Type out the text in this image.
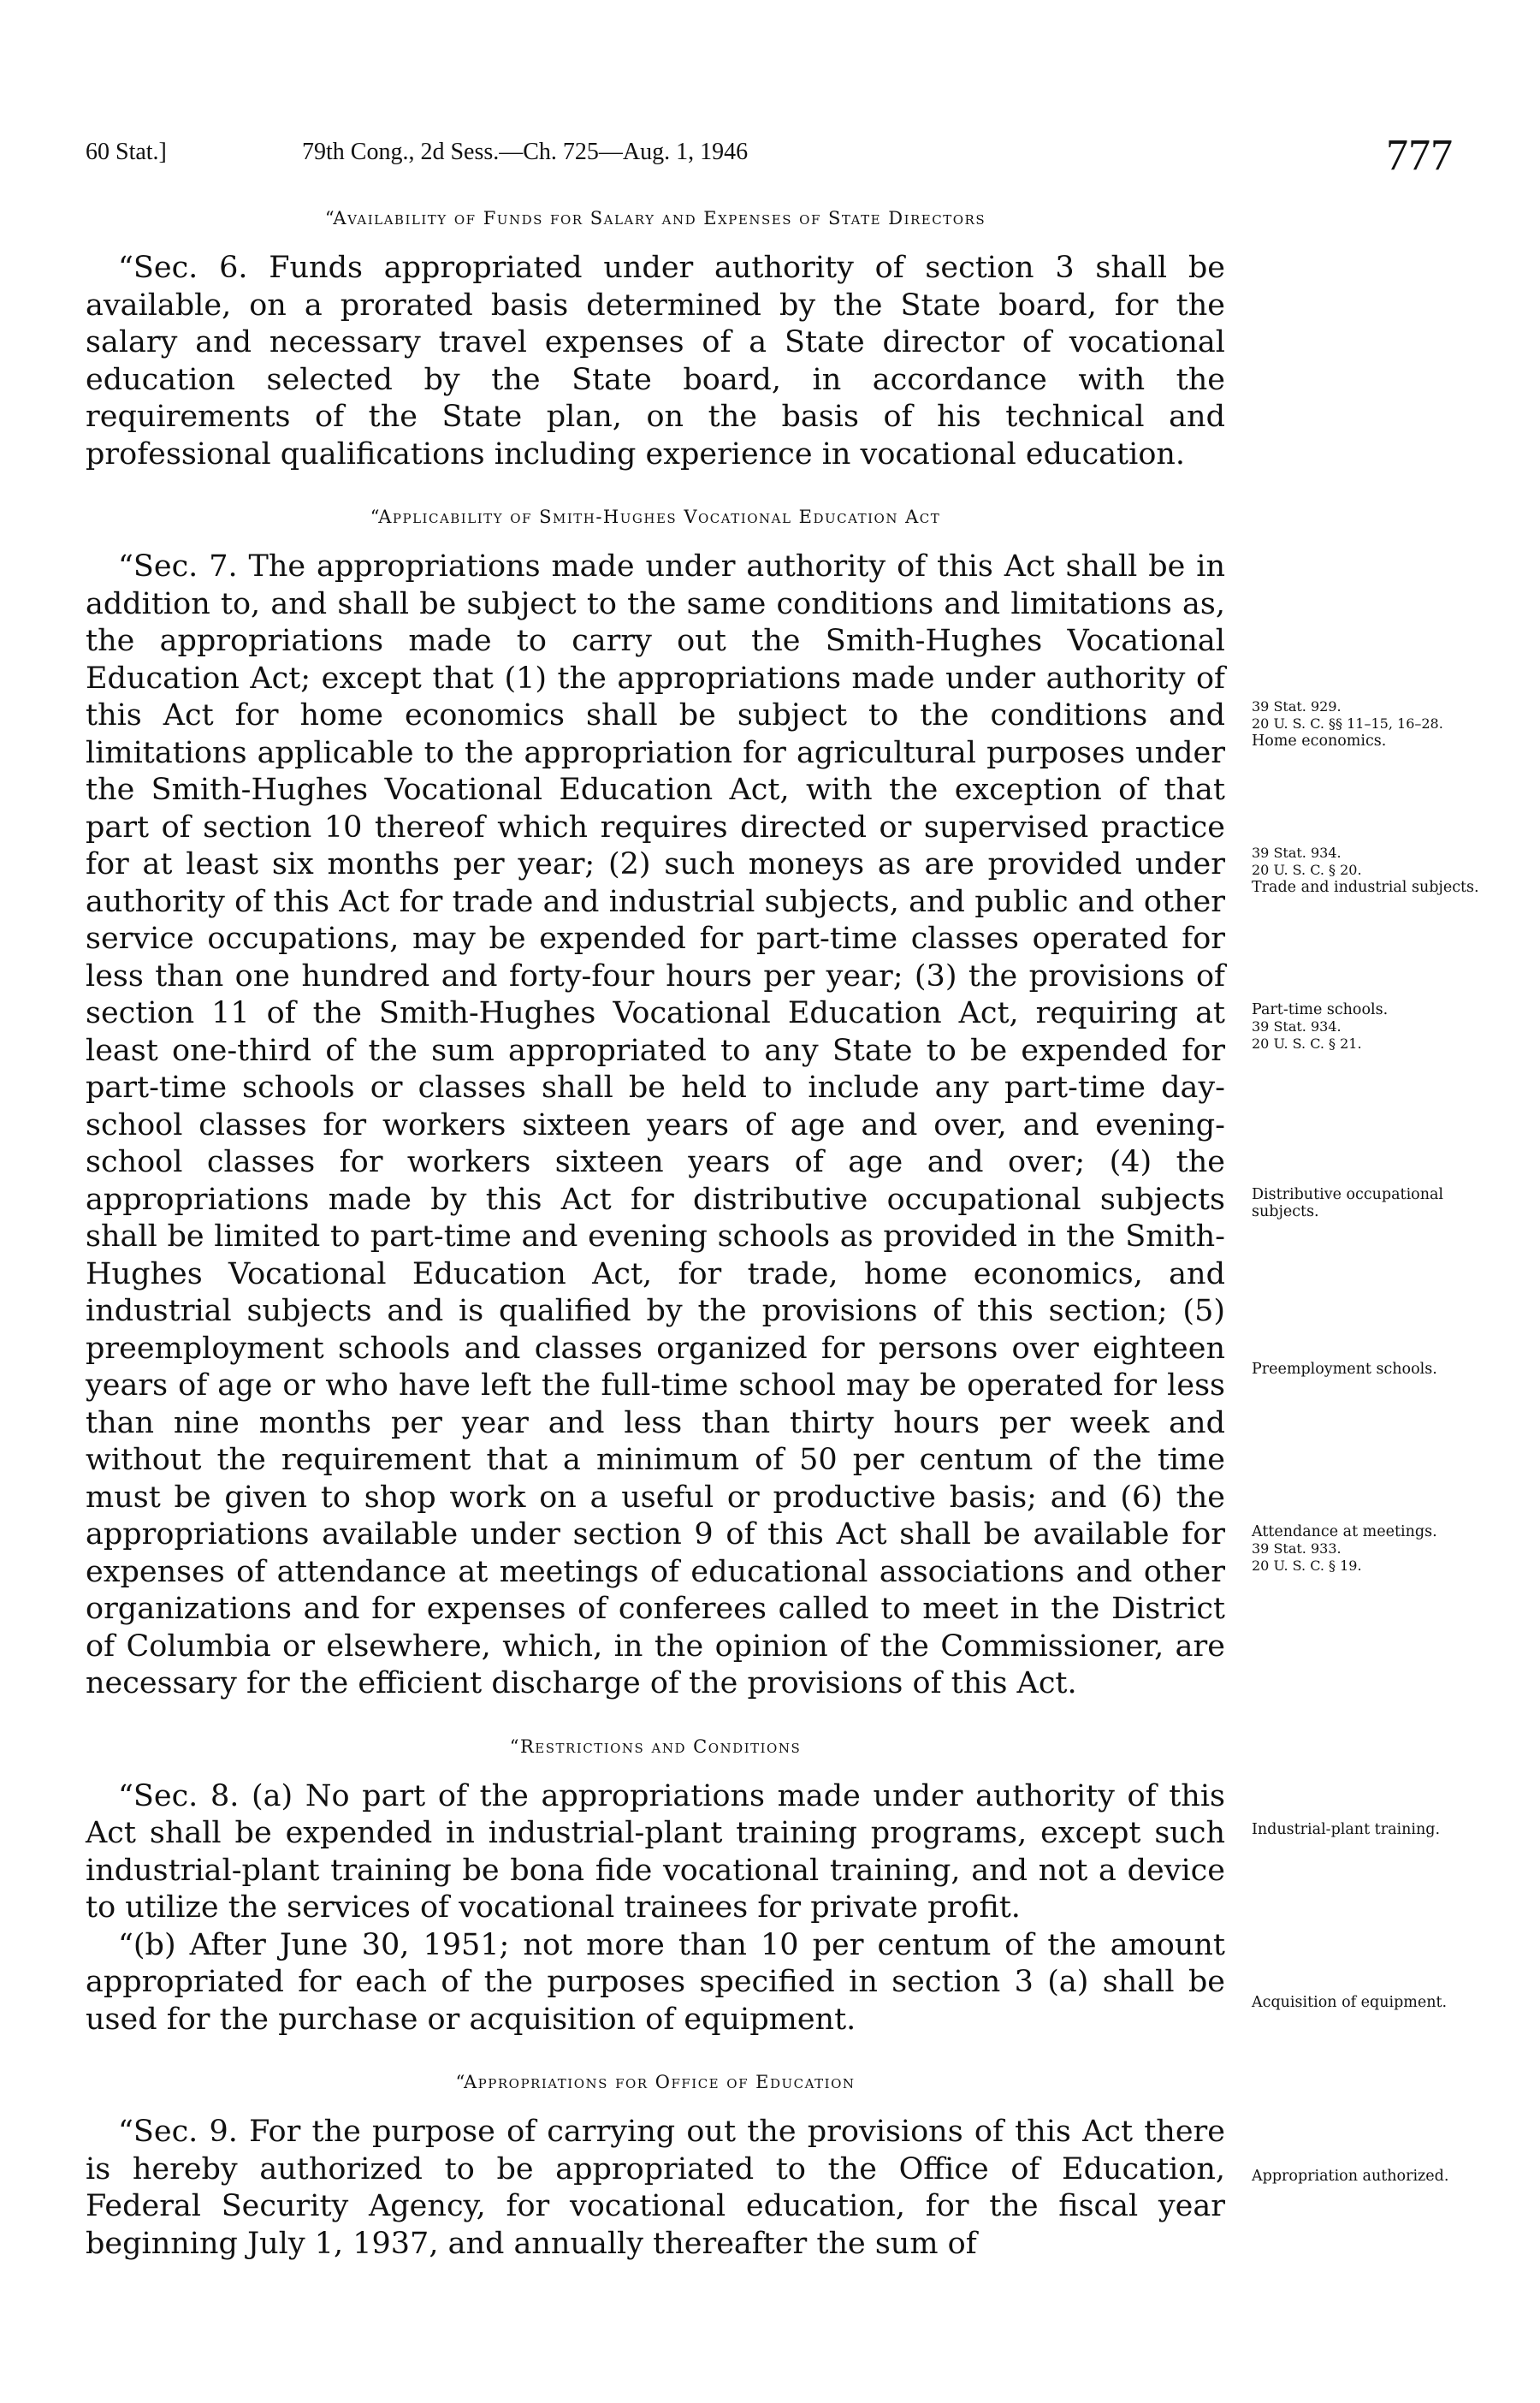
60 Stat.]	79th Cong., 2d Sess.—Ch. 725—Aug. 1, 1946	777

“Availability of Funds for Salary and Expenses of State Directors

“Sec. 6. Funds appropriated under authority of section 3 shall be available, on a prorated basis determined by the State board, for the salary and necessary travel expenses of a State director of vocational education selected by the State board, in accordance with the requirements of the State plan, on the basis of his technical and professional qualifications including experience in vocational education.

“Applicability of Smith-Hughes Vocational Education Act

“Sec. 7. The appropriations made under authority of this Act shall be in addition to, and shall be subject to the same conditions and limitations as, the appropriations made to carry out the Smith-Hughes Vocational Education Act; except that (1) the appropriations made under authority of this Act for home economics shall be subject to the conditions and limitations applicable to the appropriation for agricultural purposes under the Smith-Hughes Vocational Education Act, with the exception of that part of section 10 thereof which requires directed or supervised practice for at least six months per year; (2) such moneys as are provided under authority of this Act for trade and industrial subjects, and public and other service occupations, may be expended for part-time classes operated for less than one hundred and forty-four hours per year; (3) the provisions of section 11 of the Smith-Hughes Vocational Education Act, requiring at least one-third of the sum appropriated to any State to be expended for part-time schools or classes shall be held to include any part-time day-school classes for workers sixteen years of age and over, and evening-school classes for workers sixteen years of age and over; (4) the appropriations made by this Act for distributive occupational subjects shall be limited to part-time and evening schools as provided in the Smith-Hughes Vocational Education Act, for trade, home economics, and industrial subjects and is qualified by the provisions of this section; (5) preemployment schools and classes organized for persons over eighteen years of age or who have left the full-time school may be operated for less than nine months per year and less than thirty hours per week and without the requirement that a minimum of 50 per centum of the time must be given to shop work on a useful or productive basis; and (6) the appropriations available under section 9 of this Act shall be available for expenses of attendance at meetings of educational associations and other organizations and for expenses of conferees called to meet in the District of Columbia or elsewhere, which, in the opinion of the Commissioner, are necessary for the efficient discharge of the provisions of this Act.

“Restrictions and Conditions

“Sec. 8. (a) No part of the appropriations made under authority of this Act shall be expended in industrial-plant training programs, except such industrial-plant training be bona fide vocational training, and not a device to utilize the services of vocational trainees for private profit.

“(b) After June 30, 1951; not more than 10 per centum of the amount appropriated for each of the purposes specified in section 3 (a) shall be used for the purchase or acquisition of equipment.

“Appropriations for Office of Education

“Sec. 9. For the purpose of carrying out the provisions of this Act there is hereby authorized to be appropriated to the Office of Education, Federal Security Agency, for vocational education, for the fiscal year beginning July 1, 1937, and annually thereafter the sum of

39 Stat. 929.
20 U. S. C. §§ 11–15, 16–28.
Home economics.
39 Stat. 934.
20 U. S. C. § 20.
Trade and industrial subjects.
Part-time schools.
39 Stat. 934.
20 U. S. C. § 21.
Distributive occupational subjects.
Preemployment schools.
Attendance at meetings.
39 Stat. 933.
20 U. S. C. § 19.
Industrial-plant training.
Acquisition of equipment.
Appropriation authorized.
